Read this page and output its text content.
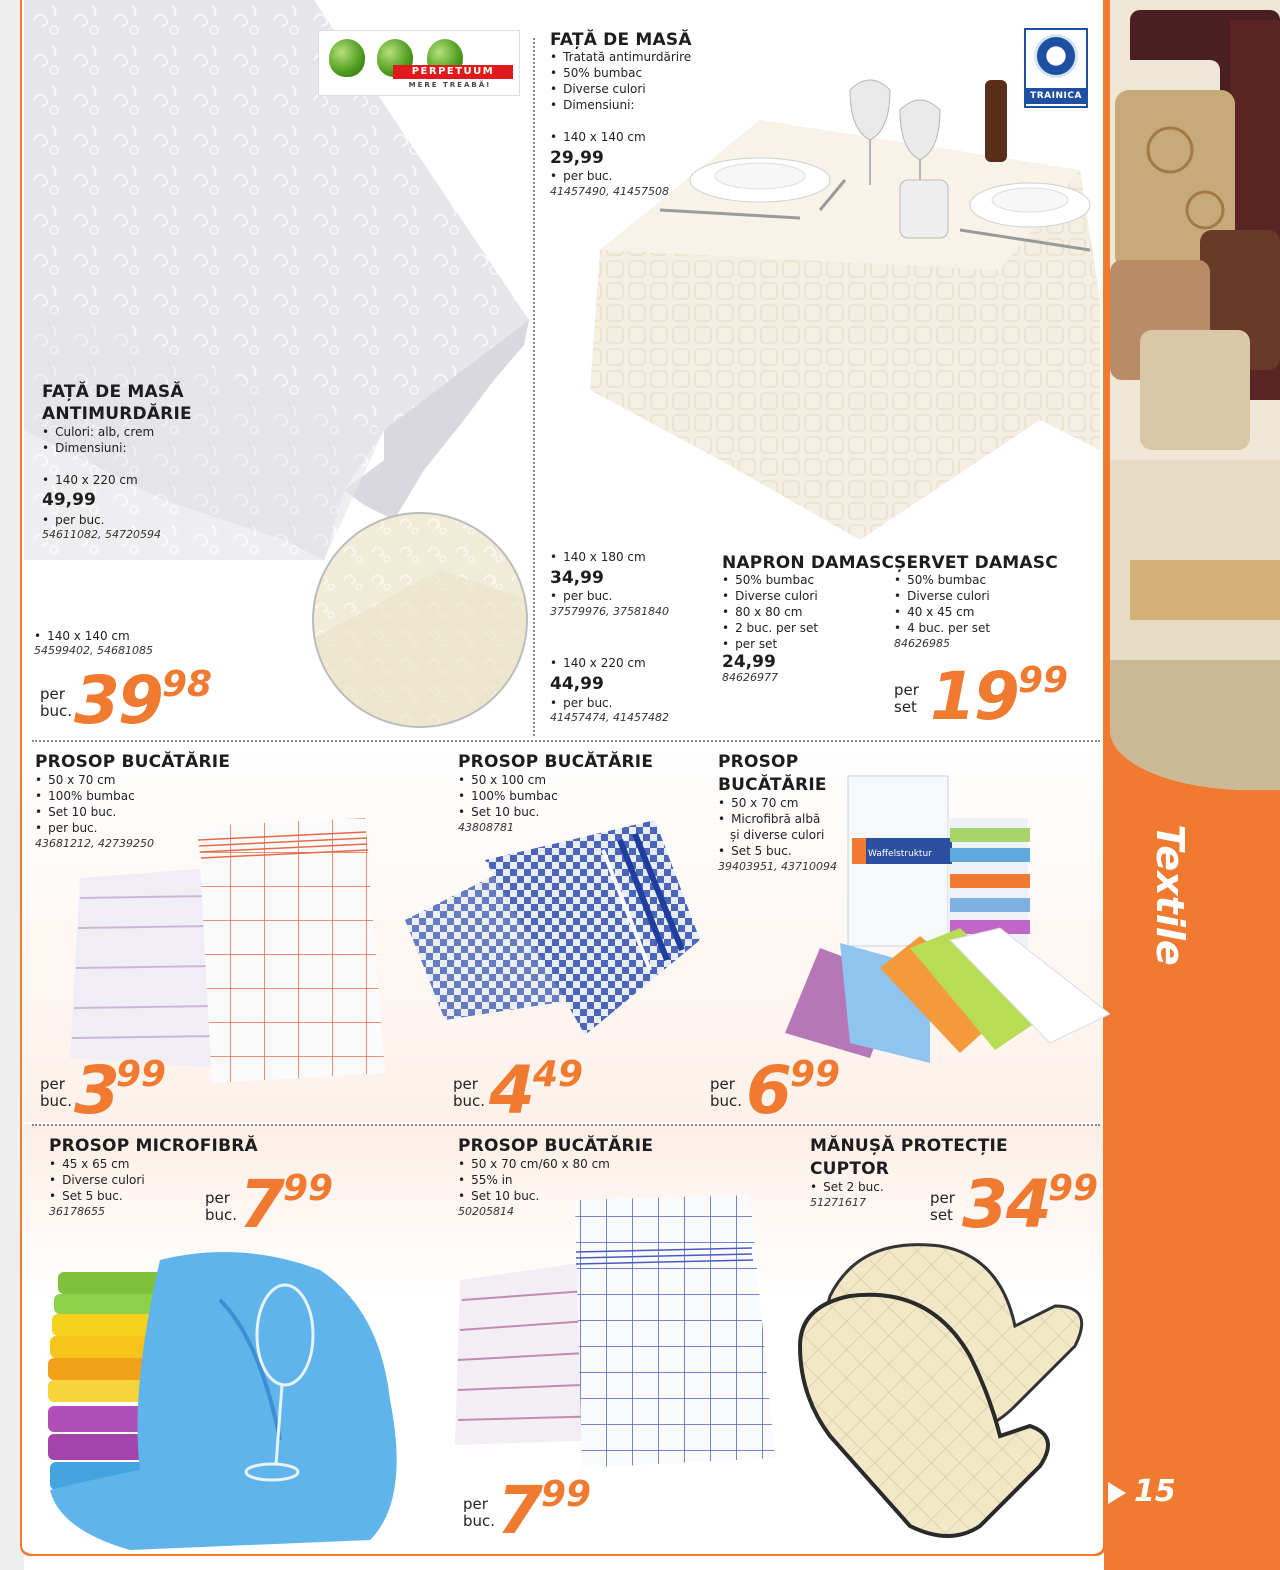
Textile
15
PERPETUUM
MERE TREABĂ!
TRAINICA
FAȚĂ DE MASĂ
ANTIMURDĂRIE
• Culori: alb, crem
• Dimensiuni:
• 140 x 220 cm
49,99
• per buc.
54611082, 54720594
• 140 x 140 cm
54599402, 54681085
per
buc. 39 98
FAȚĂ DE MASĂ
• Tratată antimurdărire
• 50% bumbac
• Diverse culori
• Dimensiuni:
• 140 x 140 cm
29,99
• per buc.
41457490, 41457508
• 140 x 180 cm
34,99
• per buc.
37579976, 37581840
• 140 x 220 cm
44,99
• per buc.
41457474, 41457482
NAPRON DAMASC
• 50% bumbac
• Diverse culori
• 80 x 80 cm
• 2 buc. per set
• per set
24,99
84626977
ȘERVET DAMASC
• 50% bumbac
• Diverse culori
• 40 x 45 cm
• 4 buc. per set
84626985
per
set 19 99
PROSOP BUCĂTĂRIE
• 50 x 70 cm
• 100% bumbac
• Set 10 buc.
• per buc.
43681212, 42739250
per
buc. 3
99
PROSOP BUCĂTĂRIE
• 50 x 100 cm
• 100% bumbac
• Set 10 buc.
43808781
per
buc. 4 49
PROSOP
BUCĂTĂRIE
• 50 x 70 cm
• Microfibră albă
și diverse culori
• Set 5 buc.
39403951, 43710094
Waffelstruktur
per
buc. 6 99
PROSOP MICROFIBRĂ
• 45 x 65 cm
• Diverse culori
• Set 5 buc.
36178655
per
buc. 7 99
PROSOP BUCĂTĂRIE
• 50 x 70 cm/60 x 80 cm
• 55% in
• Set 10 buc.
50205814
per
buc. 7 99
MĂNUȘĂ PROTECȚIE
CUPTOR
• Set 2 buc.
51271617	per
set 34
99
